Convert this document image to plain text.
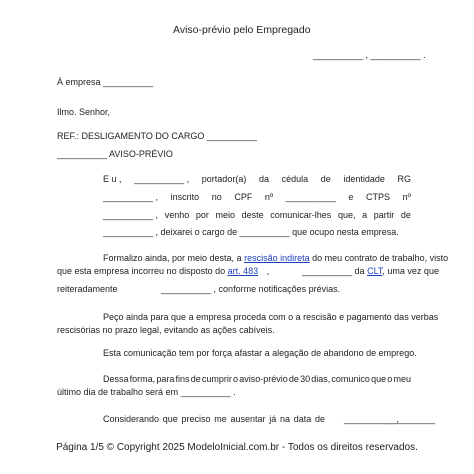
Aviso-prévio pelo Empregado
__________ , __________ .
À empresa __________
Ilmo. Senhor,
REF.: DESLIGAMENTO DO CARGO __________
__________ AVISO-PRÉVIO
E u , __________ , portador(a) da cédula de identidade RG
__________ , inscrito no CPF nº __________ e CTPS nº
__________ , venho por meio deste comunicar-lhes que, a partir de
__________ , deixarei o cargo de __________ que ocupo nesta empresa.
Formalizo ainda, por meio desta, a rescisão indireta do meu contrato de trabalho, visto
que esta empresa incorreu no disposto do art. 483 ,	__________ da CLT, uma vez que
reiteradamente	__________ , conforme notificações prévias.
Peço ainda para que a empresa proceda com o a rescisão e pagamento das verbas
rescisórias no prazo legal, evitando as ações cabíveis.
Esta comunicação tem por força afastar a alegação de abandono de emprego.
Dessa forma, para fins de cumprir o aviso-prévio de 30 dias, comunico que o meu
último dia de trabalho será em __________ .
Considerando que preciso me ausentar já na data de __________ ,
__________
Página 1/5 © Copyright 2025 ModeloInicial.com.br - Todos os direitos reservados.
